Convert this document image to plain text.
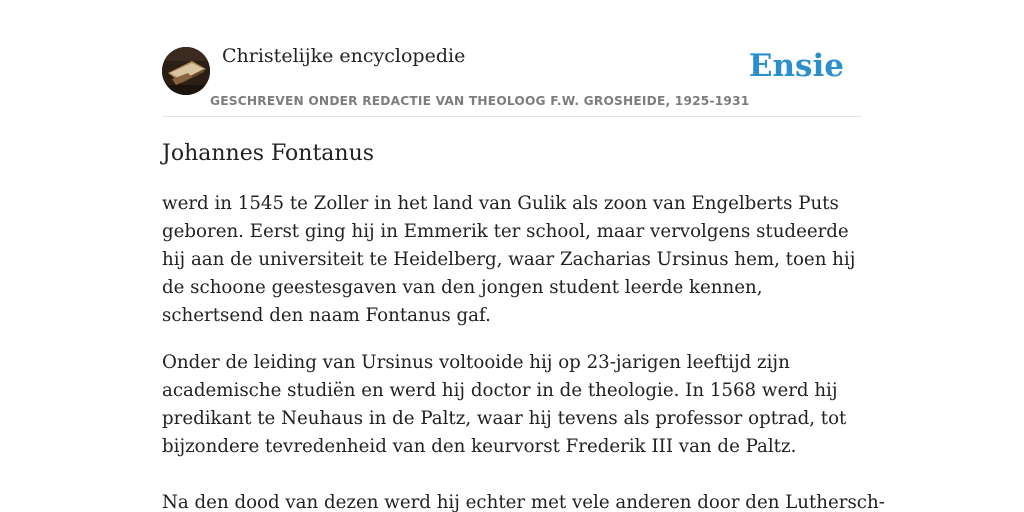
Christelijke encyclopedie
GESCHREVEN ONDER REDACTIE VAN THEOLOOG F.W. GROSHEIDE, 1925-1931
Ensie
Johannes Fontanus

werd in 1545 te Zoller in het land van Gulik als zoon van Engelberts Puts geboren. Eerst ging hij in Emmerik ter school, maar vervolgens studeerde hij aan de universiteit te Heidelberg, waar Zacharias Ursinus hem, toen hij de schoone geestesgaven van den jongen student leerde kennen, schertsend den naam Fontanus gaf.

Onder de leiding van Ursinus voltooide hij op 23-jarigen leeftijd zijn academische studiën en werd hij doctor in de theologie. In 1568 werd hij predikant te Neuhaus in de Paltz, waar hij tevens als professor optrad, tot bijzondere tevredenheid van den keurvorst Frederik III van de Paltz.

Na den dood van dezen werd hij echter met vele anderen door den Luthersch-
